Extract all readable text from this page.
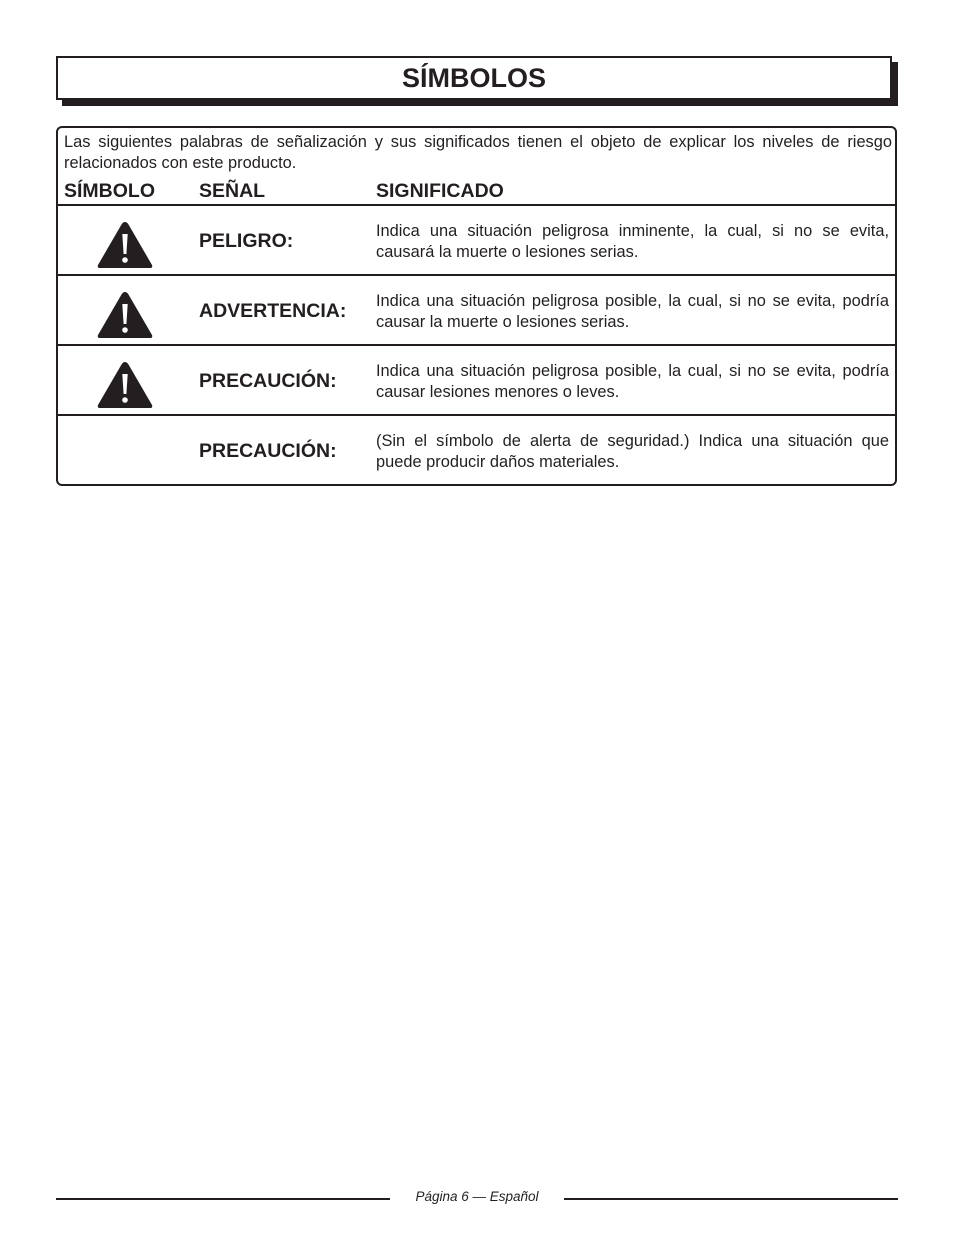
SÍMBOLOS
Las siguientes palabras de señalización y sus significados tienen el objeto de explicar los niveles de riesgo relacionados con este producto.
SÍMBOLO SEÑAL	SIGNIFICADO
PELIGRO:	Indica una situación peligrosa inminente, la cual, si no se evita, causará la muerte o lesiones serias.
ADVERTENCIA: Indica una situación peligrosa posible, la cual, si no se evita, podría causar la muerte o lesiones serias.
PRECAUCIÓN: Indica una situación peligrosa posible, la cual, si no se evita, podría causar lesiones menores o leves.
PRECAUCIÓN: (Sin el símbolo de alerta de seguridad.) Indica una situación que puede producir daños materiales.
Página 6 — Español
